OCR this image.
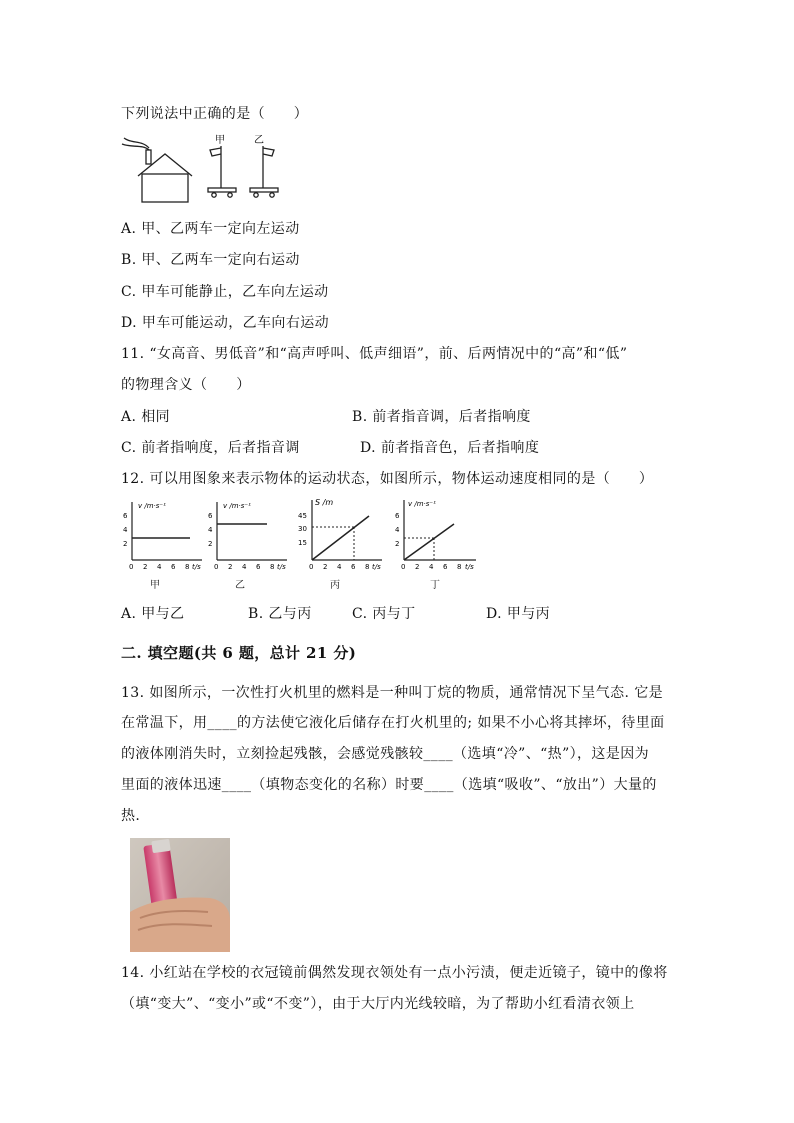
下列说法中正确的是（　　）
甲	乙
A. 甲、乙两车一定向左运动
B. 甲、乙两车一定向右运动
C. 甲车可能静止，乙车向左运动
D. 甲车可能运动，乙车向右运动
11. “女高音、男低音”和“高声呼叫、低声细语”，前、后两情况中的“高”和“低”
的物理含义（　　）
A. 相同	B. 前者指音调，后者指响度
C. 前者指响度，后者指音调	D. 前者指音色，后者指响度
12. 可以用图象来表示物体的运动状态，如图所示，物体运动速度相同的是（　　）
v /m·s⁻¹
6
4
2
0 2 4 6 8 t/s
甲
v /m·s⁻¹
6
4
2
0 2 4 6 8 t/s
乙
S /m
45
30
15
0 2 4 6 8 t/s
丙
v /m·s⁻¹
6
4
2
0 2 4 6 8 t/s
丁
A. 甲与乙	B. 乙与丙	C. 丙与丁	D. 甲与丙
二. 填空题(共 6 题，总计 21 分)
13. 如图所示，一次性打火机里的燃料是一种叫丁烷的物质，通常情况下呈气态. 它是
在常温下，用____的方法使它液化后储存在打火机里的; 如果不小心将其摔坏，待里面
的液体刚消失时，立刻捡起残骸，会感觉残骸较____（选填“冷”、“热”），这是因为
里面的液体迅速____（填物态变化的名称）时要____（选填“吸收”、“放出”）大量的
热.
14. 小红站在学校的衣冠镜前偶然发现衣领处有一点小污渍，便走近镜子，镜中的像将
（填“变大”、“变小”或“不变”），由于大厅内光线较暗，为了帮助小红看清衣领上
